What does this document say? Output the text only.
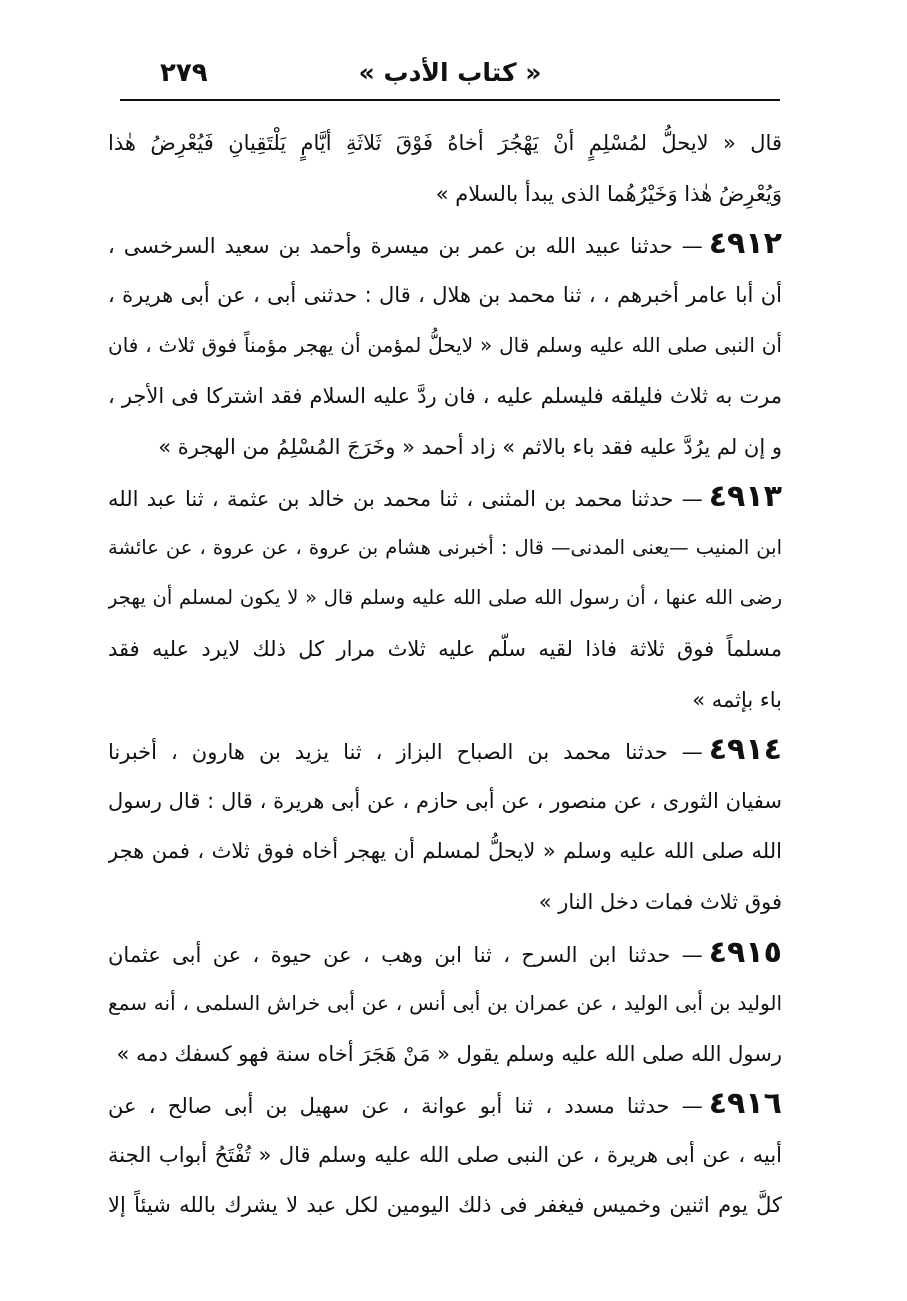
٢٧٩	« كتاب الأدب »
قال « لايحلُّ لمُسْلِمٍ أنْ يَهْجُرَ أخاهُ فَوْقَ ثَلاثَةِ أيَّامٍ يَلْتَقِيانِ فَيُعْرِضُ هٰذا
وَيُعْرِضُ هٰذا وَخَيْرُهُما الذى يبدأ بالسلام »
٤٩١٢— حدثنا عبيد الله بن عمر بن ميسرة وأحمد بن سعيد السرخسى ،
أن أبا عامر أخبرهم ، ، ثنا محمد بن هلال ، قال : حدثنى أبى ، عن أبى هريرة ،
أن النبى صلى الله عليه وسلم قال « لايحلُّ لمؤمن أن يهجر مؤمناً فوق ثلاث ، فان
مرت به ثلاث فليلقه فليسلم عليه ، فان ردَّ عليه السلام فقد اشتركا فى الأجر ،
و إن لم يرُدَّ عليه فقد باء بالاثم » زاد أحمد « وخَرَجَ المُسْلِمُ من الهجرة »
٤٩١٣— حدثنا محمد بن المثنى ، ثنا محمد بن خالد بن عثمة ، ثنا عبد الله
ابن المنيب —يعنى المدنى— قال : أخبرنى هشام بن عروة ، عن عروة ، عن عائشة
رضى الله عنها ، أن رسول الله صلى الله عليه وسلم قال « لا يكون لمسلم أن يهجر
مسلماً فوق ثلاثة فاذا لقيه سلّم عليه ثلاث مرار كل ذلك لايرد عليه فقد
باء بإثمه »
٤٩١٤— حدثنا محمد بن الصباح البزاز ، ثنا يزيد بن هارون ، أخبرنا
سفيان الثورى ، عن منصور ، عن أبى حازم ، عن أبى هريرة ، قال : قال رسول
الله صلى الله عليه وسلم « لايحلُّ لمسلم أن يهجر أخاه فوق ثلاث ، فمن هجر
فوق ثلاث فمات دخل النار »
٤٩١٥— حدثنا ابن السرح ، ثنا ابن وهب ، عن حيوة ، عن أبى عثمان
الوليد بن أبى الوليد ، عن عمران بن أبى أنس ، عن أبى خراش السلمى ، أنه سمع
رسول الله صلى الله عليه وسلم يقول « مَنْ هَجَرَ أخاه سنة فهو كسفك دمه »
٤٩١٦— حدثنا مسدد ، ثنا أبو عوانة ، عن سهيل بن أبى صالح ، عن
أبيه ، عن أبى هريرة ، عن النبى صلى الله عليه وسلم قال « تُفْتَحُ أبواب الجنة
كلَّ يوم اثنين وخميس فيغفر فى ذلك اليومين لكل عبد لا يشرك بالله شيئاً إلا
